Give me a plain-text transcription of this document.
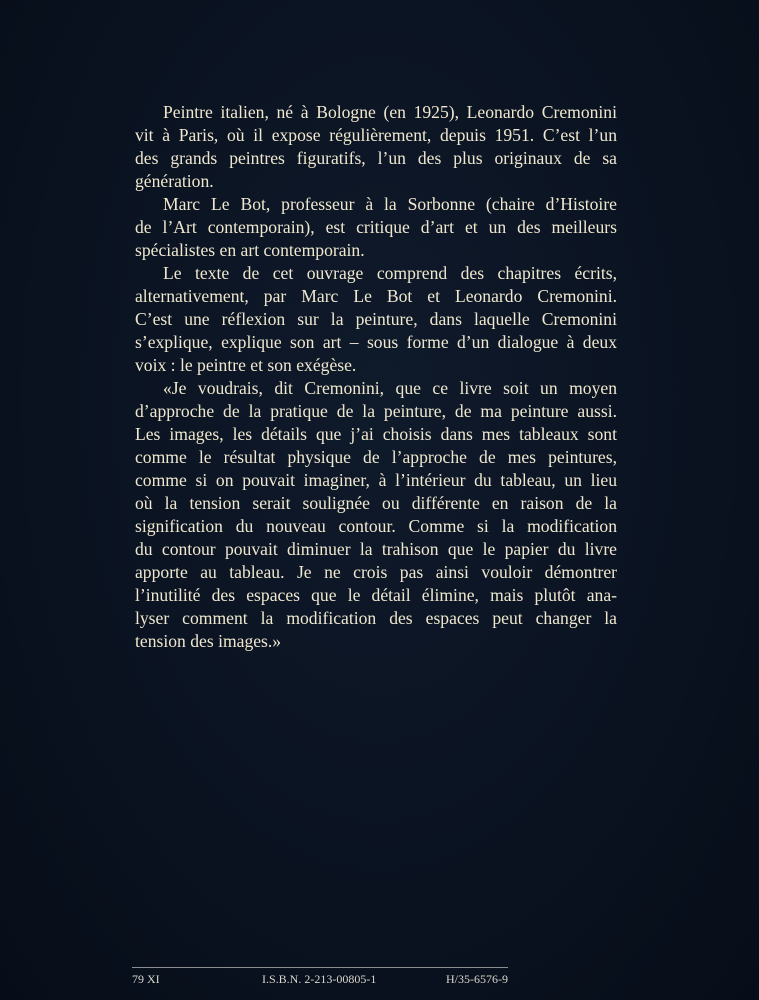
Peintre italien, né à Bologne (en 1925), Leonardo Cremonini
vit à Paris, où il expose régulièrement, depuis 1951. C’est l’un
des grands peintres figuratifs, l’un des plus originaux de sa
génération.
Marc Le Bot, professeur à la Sorbonne (chaire d’Histoire
de l’Art contemporain), est critique d’art et un des meilleurs
spécialistes en art contemporain.
Le texte de cet ouvrage comprend des chapitres écrits,
alternativement, par Marc Le Bot et Leonardo Cremonini.
C’est une réflexion sur la peinture, dans laquelle Cremonini
s’explique, explique son art – sous forme d’un dialogue à deux
voix : le peintre et son exégèse.
«Je voudrais, dit Cremonini, que ce livre soit un moyen
d’approche de la pratique de la peinture, de ma peinture aussi.
Les images, les détails que j’ai choisis dans mes tableaux sont
comme le résultat physique de l’approche de mes peintures,
comme si on pouvait imaginer, à l’intérieur du tableau, un lieu
où la tension serait soulignée ou différente en raison de la
signification du nouveau contour. Comme si la modification
du contour pouvait diminuer la trahison que le papier du livre
apporte au tableau. Je ne crois pas ainsi vouloir démontrer
l’inutilité des espaces que le détail élimine, mais plutôt ana-
lyser comment la modification des espaces peut changer la
tension des images.»
79 XI	I.S.B.N. 2-213-00805-1	H/35-6576-9
